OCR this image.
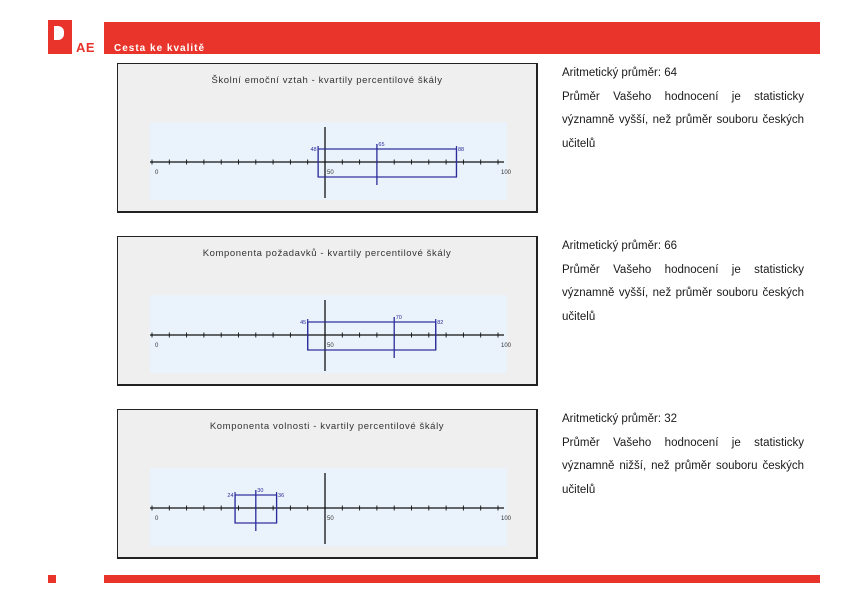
AE Cesta ke kvalitě
Školní emoční vztah - kvartily percentilové škály
0	50	100
48
65
88
Komponenta požadavků - kvartily percentilové škály
0	50	100
45
70
82
Komponenta volnosti - kvartily percentilové škály
0	50	100
24
30
36
Aritmetický průměr: 64
Průměr Vašeho hodnocení je statisticky významně vyšší, než průměr souboru českých učitelů
Aritmetický průměr: 66
Průměr Vašeho hodnocení je statisticky významně vyšší, než průměr souboru českých učitelů
Aritmetický průměr: 32
Průměr Vašeho hodnocení je statisticky významně nižší, než průměr souboru českých učitelů
